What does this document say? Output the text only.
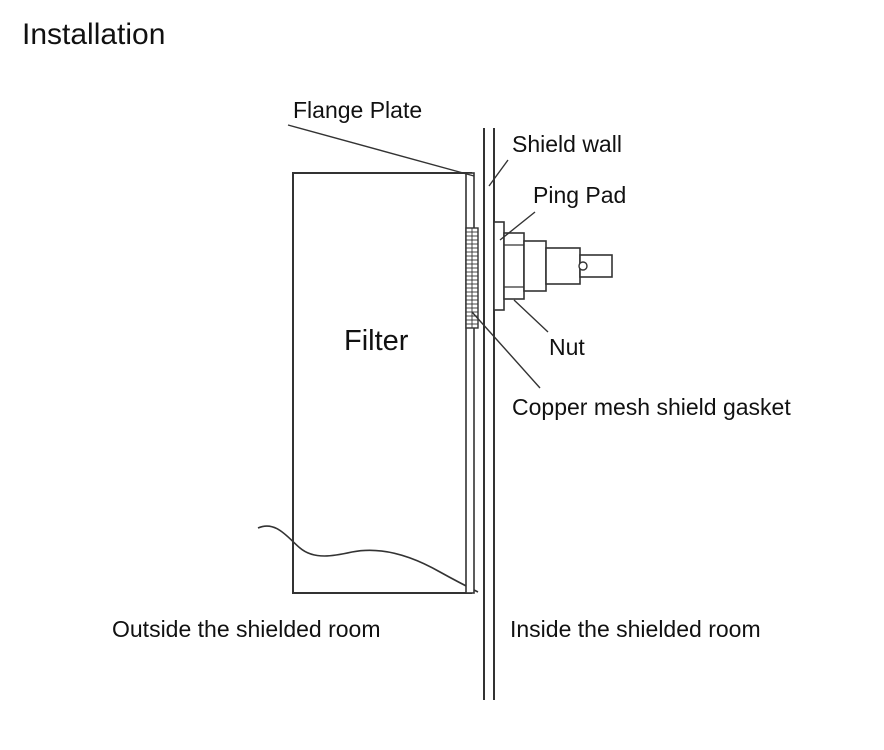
Installation
Flange Plate
Shield wall
Ping Pad
Filter	Nut
Copper mesh shield gasket
Outside the shielded room	Inside the shielded room
